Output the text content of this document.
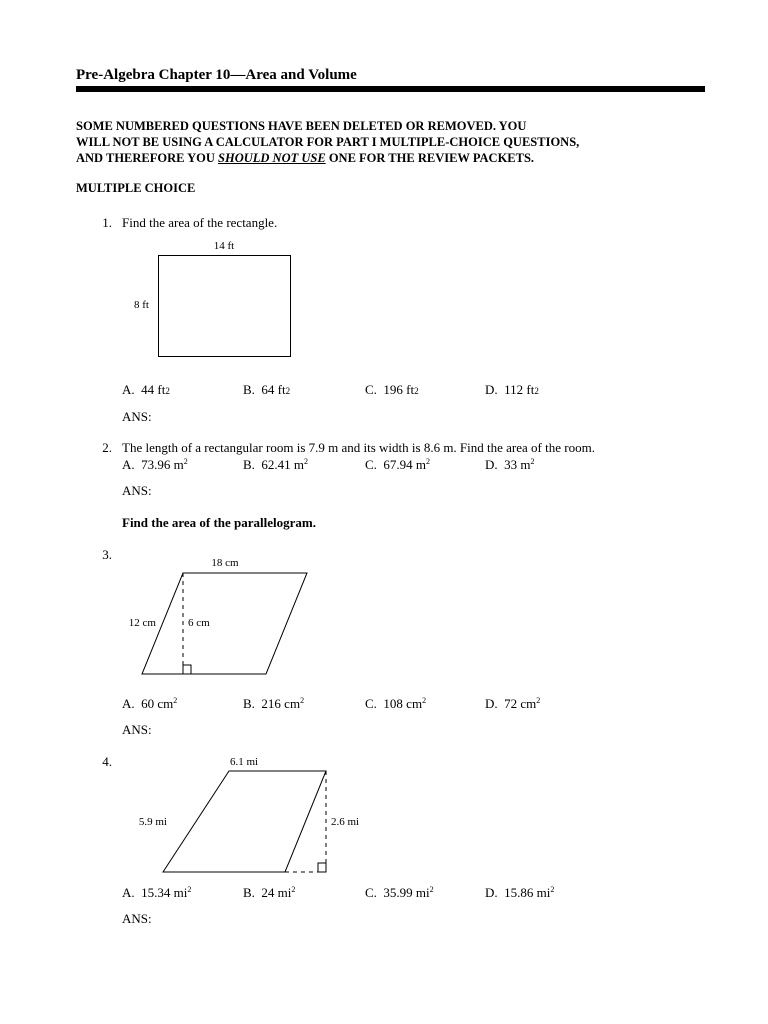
Pre-Algebra Chapter 10—Area and Volume
SOME NUMBERED QUESTIONS HAVE BEEN DELETED OR REMOVED. YOU
WILL NOT BE USING A CALCULATOR FOR PART I MULTIPLE-CHOICE QUESTIONS,
AND THEREFORE YOU SHOULD NOT USE ONE FOR THE REVIEW PACKETS.
MULTIPLE CHOICE
1. Find the area of the rectangle.
14 ft
8 ft
A. 44 ft2	B. 64 ft2	C. 196 ft2	D. 112 ft2
ANS:
2. The length of a rectangular room is 7.9 m and its width is 8.6 m. Find the area of the room.
A. 73.96 $m^2$	B. 62.41 $m^2$	C. 67.94 $m^2$	D. 33 $m^2$
ANS:
Find the area of the parallelogram.
3.
18 cm
12 cm	6 cm
A. 60 $cm^2$	B. 216 $cm^2$	C. 108 $cm^2$	D. 72 $cm^2$
ANS:
4.	6.1 mi
5.9 mi	2.6 mi
A. 15.34 $mi^2$	B. 24 $mi^2$	C. 35.99 $mi^2$	D. 15.86 $mi^2$
ANS:
